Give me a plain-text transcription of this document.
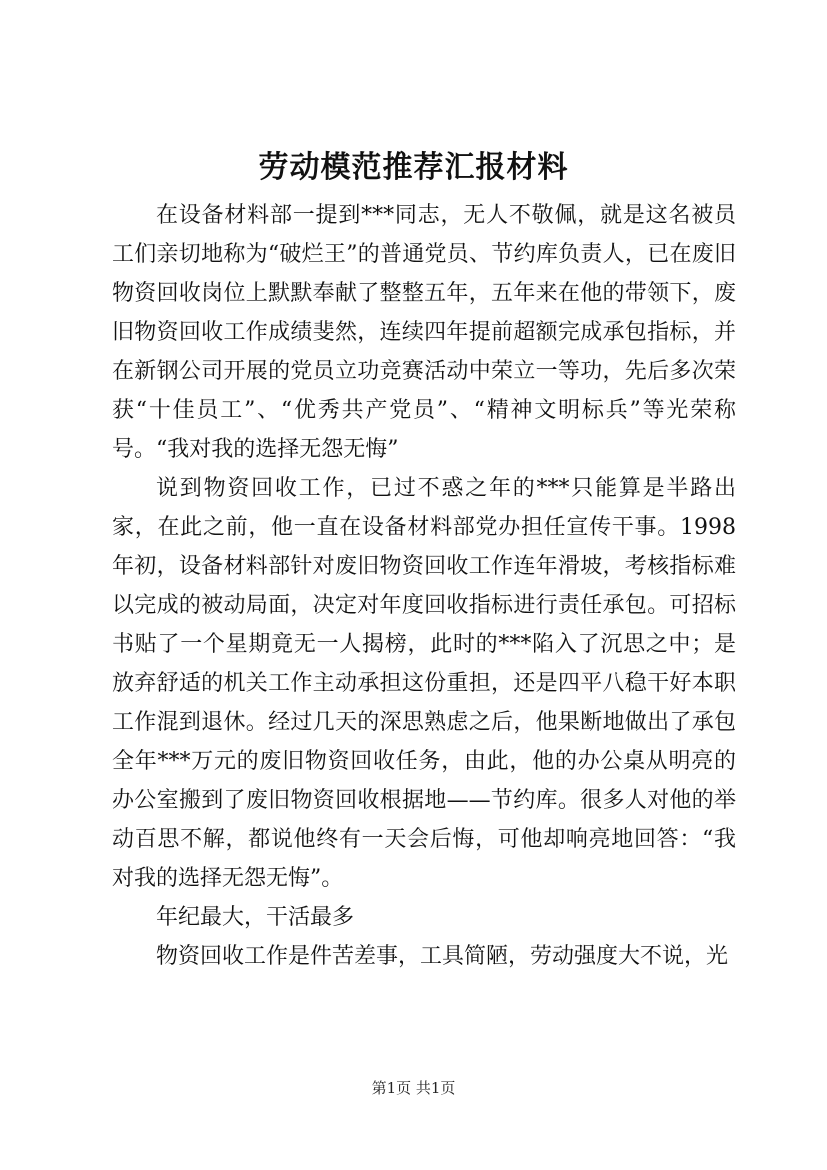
劳动模范推荐汇报材料

在设备材料部一提到***同志，无人不敬佩，就是这名被员工们亲切地称为“破烂王”的普通党员、节约库负责人，已在废旧物资回收岗位上默默奉献了整整五年，五年来在他的带领下，废旧物资回收工作成绩斐然，连续四年提前超额完成承包指标，并在新钢公司开展的党员立功竞赛活动中荣立一等功，先后多次荣获“十佳员工”、“优秀共产党员”、“精神文明标兵”等光荣称号。“我对我的选择无怨无悔”

说到物资回收工作，已过不惑之年的***只能算是半路出家，在此之前，他一直在设备材料部党办担任宣传干事。1998年初，设备材料部针对废旧物资回收工作连年滑坡，考核指标难以完成的被动局面，决定对年度回收指标进行责任承包。可招标书贴了一个星期竟无一人揭榜，此时的***陷入了沉思之中；是放弃舒适的机关工作主动承担这份重担，还是四平八稳干好本职工作混到退休。经过几天的深思熟虑之后，他果断地做出了承包全年***万元的废旧物资回收任务，由此，他的办公桌从明亮的办公室搬到了废旧物资回收根据地——节约库。很多人对他的举动百思不解，都说他终有一天会后悔，可他却响亮地回答：“我对我的选择无怨无悔”。

年纪最大，干活最多

物资回收工作是件苦差事，工具简陋，劳动强度大不说，光

第1页 共1页
